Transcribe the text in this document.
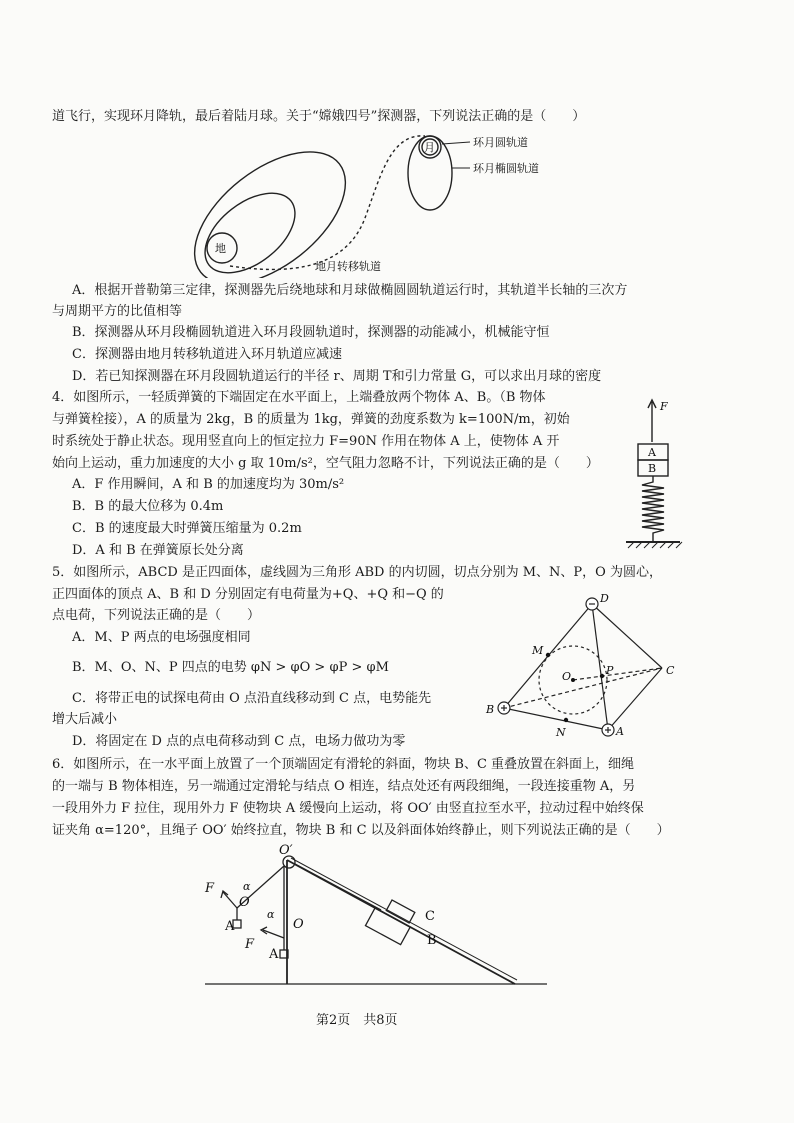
道飞行，实现环月降轨，最后着陆月球。关于“嫦娥四号”探测器，下列说法正确的是（　　）
地
月	环月圆轨道
环月椭圆轨道
地月转移轨道
A．根据开普勒第三定律，探测器先后绕地球和月球做椭圆圆轨道运行时，其轨道半长轴的三次方
与周期平方的比值相等
B．探测器从环月段椭圆轨道进入环月段圆轨道时，探测器的动能减小，机械能守恒
C．探测器由地月转移轨道进入环月轨道应减速
D．若已知探测器在环月段圆轨道运行的半径 r、周期 T和引力常量 G，可以求出月球的密度
4．如图所示，一轻质弹簧的下端固定在水平面上，上端叠放两个物体 A、B。（B 物体
与弹簧栓接），A 的质量为 2kg，B 的质量为 1kg，弹簧的劲度系数为 k=100N/m，初始
时系统处于静止状态。现用竖直向上的恒定拉力 F=90N 作用在物体 A 上，使物体 A 开
始向上运动，重力加速度的大小 g 取 10m/s²，空气阻力忽略不计，下列说法正确的是（　　）
A．F 作用瞬间，A 和 B 的加速度均为 30m/s²
B．B 的最大位移为 0.4m
C．B 的速度最大时弹簧压缩量为 0.2m
D．A 和 B 在弹簧原长处分离
F
A
B
5．如图所示，ABCD 是正四面体，虚线圆为三角形 ABD 的内切圆，切点分别为 M、N、P，O 为圆心，
正四面体的顶点 A、B 和 D 分别固定有电荷量为+Q、+Q 和−Q 的
点电荷，下列说法正确的是（　　）
A．M、P 两点的电场强度相同
B．M、O、N、P 四点的电势 φN > φO > φP > φM
C．将带正电的试探电荷由 O 点沿直线移动到 C 点，电势能先
增大后减小
D．将固定在 D 点的点电荷移动到 C 点，电场力做功为零
D
C
B
A
M
O	P
N
6．如图所示，在一水平面上放置了一个顶端固定有滑轮的斜面，物块 B、C 重叠放置在斜面上，细绳
的一端与 B 物体相连，另一端通过定滑轮与结点 O 相连，结点处还有两段细绳，一段连接重物 A，另
一段用外力 F 拉住，现用外力 F 使物块 A 缓慢向上运动，将 OO′ 由竖直拉至水平，拉动过程中始终保
证夹角 α=120°，且绳子 OO′ 始终拉直，物块 B 和 C 以及斜面体始终静止，则下列说法正确的是（　　）
O′
O
O
F
F
α
α
A
A
C
B
第2页　共8页
